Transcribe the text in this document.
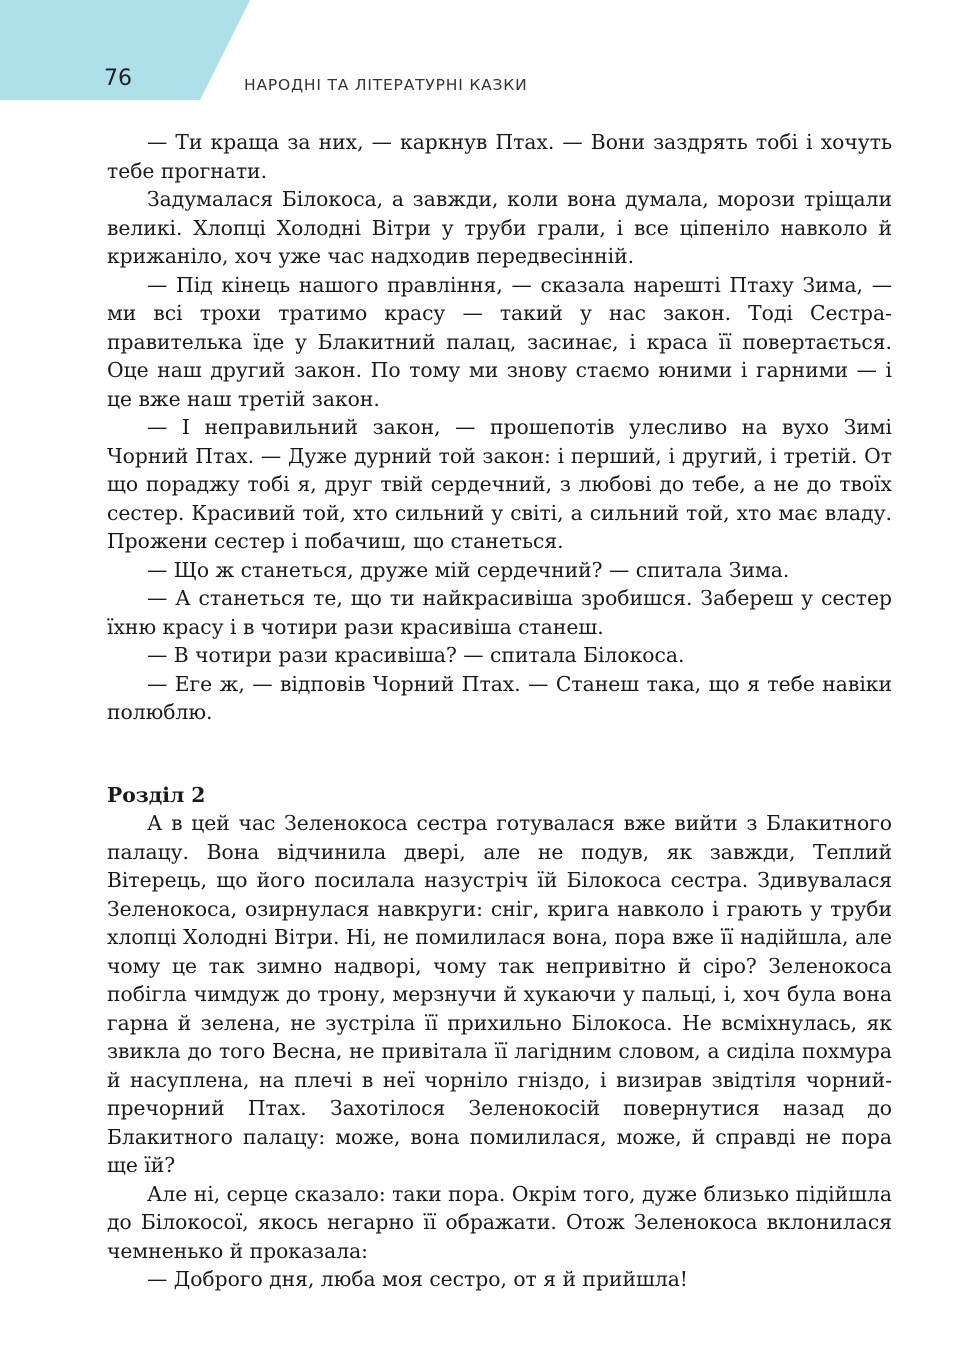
76	НАРОДНІ ТА ЛІТЕРАТУРНІ КАЗКИ

— Ти краща за них, — каркнув Птах. — Вони заздрять тобі і хочуть тебе прогнати.

Задумалася Білокоса, а завжди, коли вона думала, морози тріщали великі. Хлопці Холодні Вітри у труби грали, і все ціпеніло навколо й крижаніло, хоч уже час надходив передвесінній.

— Під кінець нашого правління, — сказала нарешті Птаху Зима, — ми всі трохи тратимо красу — такий у нас закон. Тоді Сестра-правителька їде у Блакитний палац, засинає, і краса її повертається. Оце наш другий закон. По тому ми знову стаємо юними і гарними — і це вже наш третій закон.

— І неправильний закон, — прошепотів улесливо на вухо Зимі Чорний Птах. — Дуже дурний той закон: і перший, і другий, і третій. От що пораджу тобі я, друг твій сердечний, з любові до тебе, а не до твоїх сестер. Красивий той, хто сильний у світі, а сильний той, хто має владу. Прожени сестер і побачиш, що станеться.

— Що ж станеться, друже мій сердечний? — спитала Зима.

— А станеться те, що ти найкрасивіша зробишся. Забереш у сестер їхню красу і в чотири рази красивіша станеш.

— В чотири рази красивіша? — спитала Білокоса.

— Еге ж, — відповів Чорний Птах. — Станеш така, що я тебе навіки полюблю.

Розділ 2

А в цей час Зеленокоса сестра готувалася вже вийти з Блакитного палацу. Вона відчинила двері, але не подув, як завжди, Теплий Вітерець, що його посилала назустріч їй Білокоса сестра. Здивувалася Зеленокоса, озирнулася навкруги: сніг, крига навколо і грають у труби хлопці Холодні Вітри. Ні, не помилилася вона, пора вже її надійшла, але чому це так зимно надворі, чому так непривітно й сіро? Зеленокоса побігла чимдуж до трону, мерзнучи й хукаючи у пальці, і, хоч була вона гарна й зелена, не зустріла її прихильно Білокоса. Не всміхнулась, як звикла до того Весна, не привітала її лагідним словом, а сиділа похмура й насуплена, на плечі в неї чорніло гніздо, і визирав звідтіля чорний-пречорний Птах. Захотілося Зеленокосій повернутися назад до Блакитного палацу: може, вона помилилася, може, й справді не пора ще їй?

Але ні, серце сказало: таки пора. Окрім того, дуже близько підійшла до Білокосої, якось негарно її ображати. Отож Зеленокоса вклонилася чемненько й проказала:

— Доброго дня, люба моя сестро, от я й прийшла!
